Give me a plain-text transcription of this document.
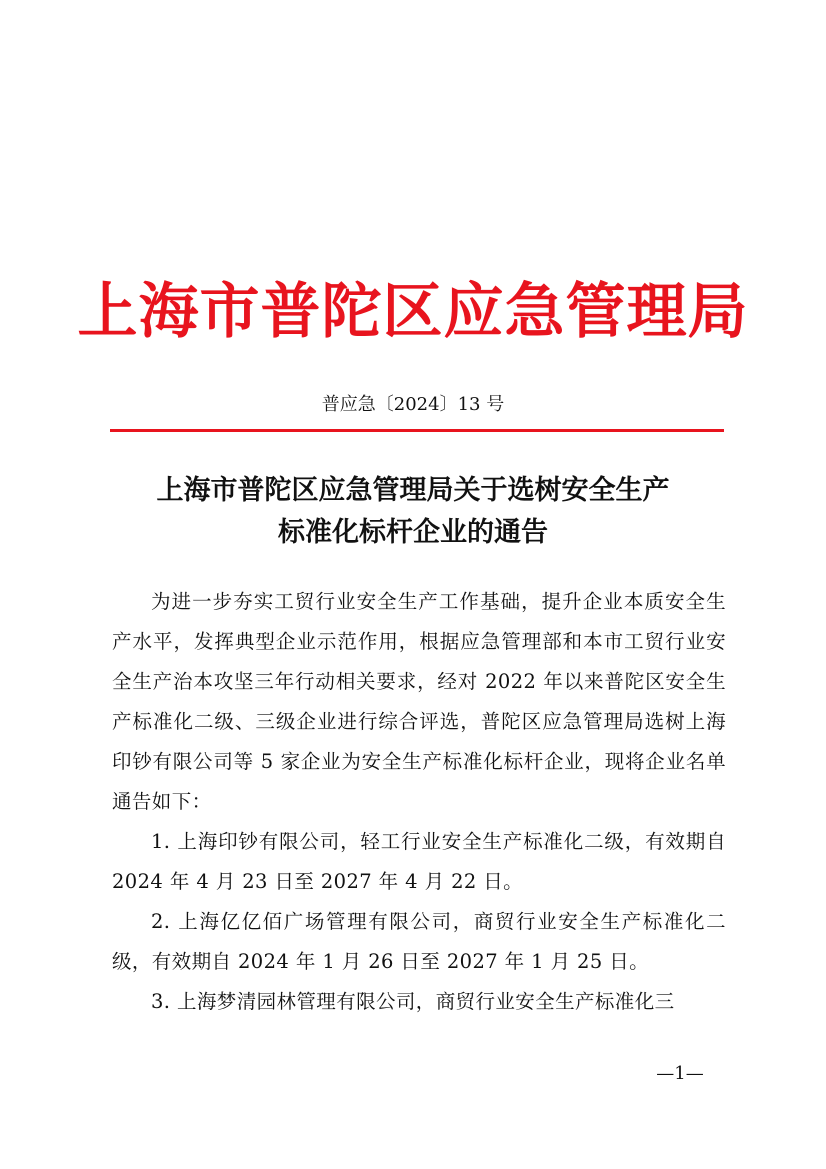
上海市普陀区应急管理局
普应急〔2024〕13 号
上海市普陀区应急管理局关于选树安全生产
标准化标杆企业的通告

为进一步夯实工贸行业安全生产工作基础，提升企业本质安全生产水平，发挥典型企业示范作用，根据应急管理部和本市工贸行业安全生产治本攻坚三年行动相关要求，经对 2022 年以来普陀区安全生产标准化二级、三级企业进行综合评选，普陀区应急管理局选树上海印钞有限公司等 5 家企业为安全生产标准化标杆企业，现将企业名单通告如下：

1. 上海印钞有限公司，轻工行业安全生产标准化二级，有效期自 2024 年 4 月 23 日至 2027 年 4 月 22 日。

2. 上海亿亿佰广场管理有限公司，商贸行业安全生产标准化二级，有效期自 2024 年 1 月 26 日至 2027 年 1 月 25 日。

3. 上海梦清园林管理有限公司，商贸行业安全生产标准化三

—1—
